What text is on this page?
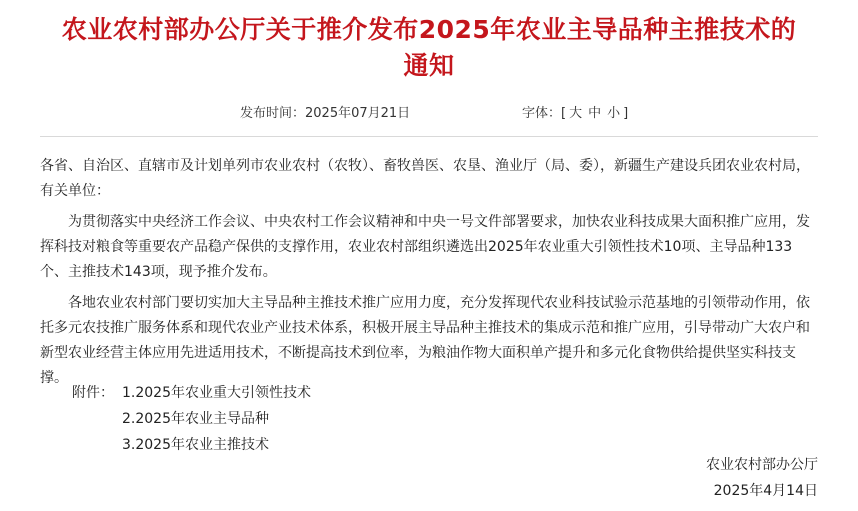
农业农村部办公厅关于推介发布2025年农业主导品种主推技术的
通知
发布时间：2025年07月21日	字体：[ 大 中 小 ]

各省、自治区、直辖市及计划单列市农业农村（农牧）、畜牧兽医、农垦、渔业厅（局、委），新疆生产建设兵团农业农村局，有关单位：

为贯彻落实中央经济工作会议、中央农村工作会议精神和中央一号文件部署要求，加快农业科技成果大面积推广应用，发挥科技对粮食等重要农产品稳产保供的支撑作用，农业农村部组织遴选出2025年农业重大引领性技术10项、主导品种133个、主推技术143项，现予推介发布。

各地农业农村部门要切实加大主导品种主推技术推广应用力度，充分发挥现代农业科技试验示范基地的引领带动作用，依托多元农技推广服务体系和现代农业产业技术体系，积极开展主导品种主推技术的集成示范和推广应用，引导带动广大农户和新型农业经营主体应用先进适用技术，不断提高技术到位率，为粮油作物大面积单产提升和多元化食物供给提供坚实科技支撑。

附件： 1.2025年农业重大引领性技术
2.2025年农业主导品种
3.2025年农业主推技术
农业农村部办公厅
2025年4月14日
